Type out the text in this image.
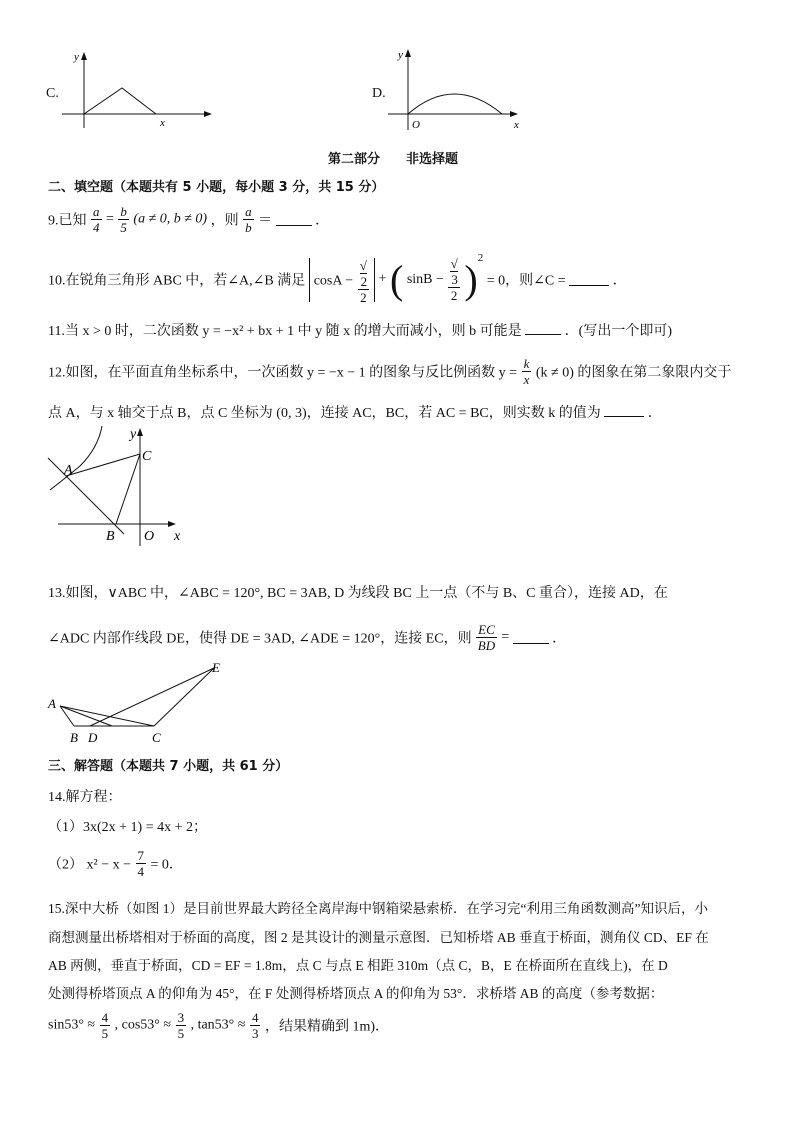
C.
y
x
D.
y
O	x
第二部分　　非选择题
二、填空题（本题共有 5 小题，每小题 3 分，共 15 分）
9.已知 $\frac{a}{4} = \frac{b}{5} (a \ne 0$, b ≠ 0) ，则 $\frac{a}{b}$ ＝	．
10.在锐角三角形 ABC 中，若∠A,∠B 满足 cosA − √
2
2 + ( sinB − √
3
2 )$^2$ = 0，则∠C =	．
11.当 x > 0 时，二次函数 y = −x² + bx + 1 中 y 随 x 的增大而减小，则 b 可能是	．(写出一个即可)
12.如图，在平面直角坐标系中，一次函数 y = −x − 1 的图象与反比例函数 $y = \frac{k}{x} (k \ne 0)$ 的图象在第二象限内交于
点 A，与 x 轴交于点 B，点 C 坐标为 (0, 3)，连接 AC，BC，若 AC = BC，则实数 k 的值为	．
A
B
C
O x
y
13.如图，∨ABC 中，∠ABC = 120°, BC = 3AB, D 为线段 BC 上一点（不与 B、C 重合），连接 AD，在
∠ADC 内部作线段 DE，使得 DE = 3AD, ∠ADE = 120°，连接 EC，则 $\frac{EC}{BD}$ =	．
A
B D	C
E
三、解答题（本题共 7 小题，共 61 分）
14.解方程：
（1）3x(2x + 1) = 4x + 2；
（2） $x^2 - x - \frac{7}{4} = 0$．
15.深中大桥（如图 1）是目前世界最大跨径全离岸海中钢箱梁悬索桥．在学习完“利用三角函数测高”知识后，小
商想测量出桥塔相对于桥面的高度，图 2 是其设计的测量示意图．已知桥塔 AB 垂直于桥面，测角仪 CD、EF 在
AB 两侧，垂直于桥面，CD = EF = 1.8m，点 C 与点 E 相距 310m（点 C，B，E 在桥面所在直线上)，在 D
处测得桥塔顶点 A 的仰角为 45°，在 F 处测得桥塔顶点 A 的仰角为 53°．求桥塔 AB 的高度（参考数据：
$\sin 53^\circ \approx \frac{4}{5}$ , $\cos 53^\circ \approx \frac{3}{5}$ , $\tan 53^\circ \approx \frac{4}{3}$ ，结果精确到 1m)．
